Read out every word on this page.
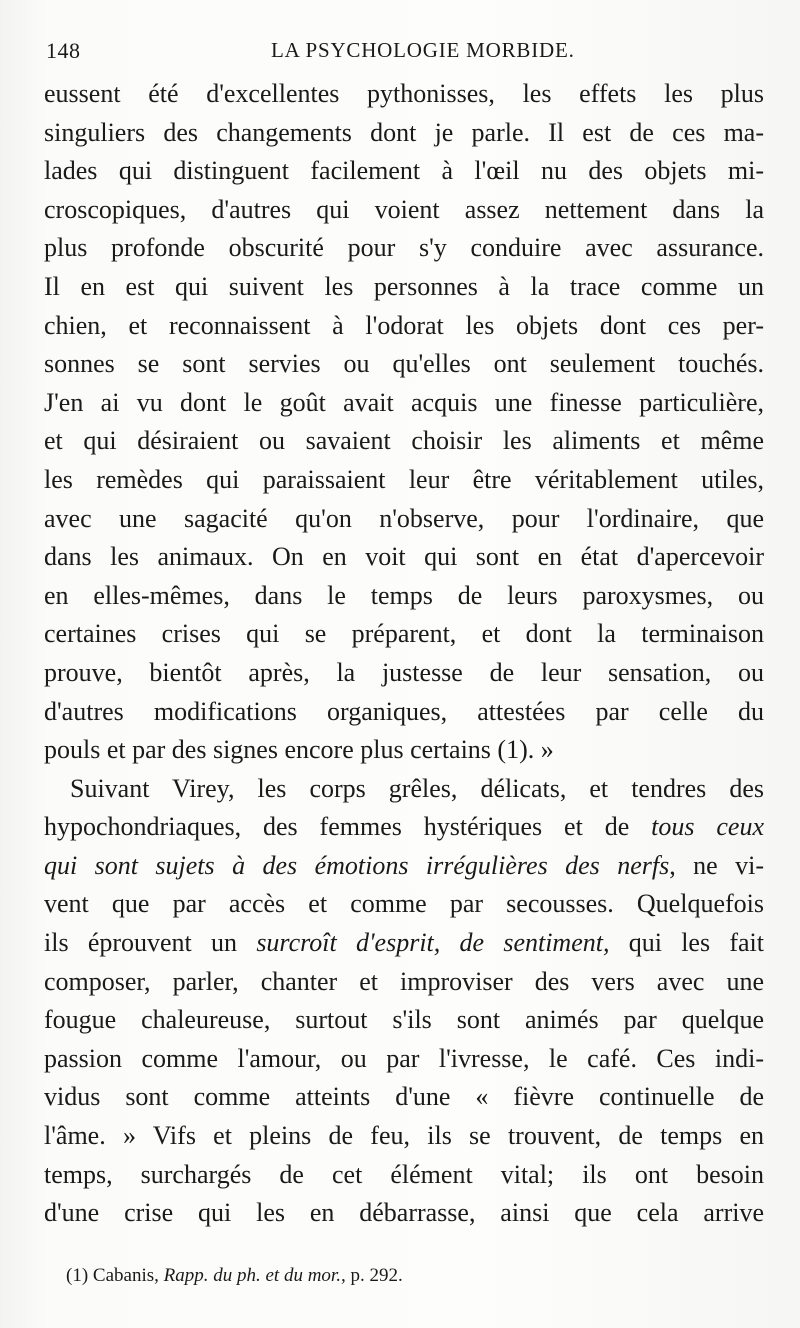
148	LA PSYCHOLOGIE MORBIDE.
eussent été d'excellentes pythonisses, les effets les plus
singuliers des changements dont je parle. Il est de ces ma-
lades qui distinguent facilement à l'œil nu des objets mi-
croscopiques, d'autres qui voient assez nettement dans la
plus profonde obscurité pour s'y conduire avec assurance.
Il en est qui suivent les personnes à la trace comme un
chien, et reconnaissent à l'odorat les objets dont ces per-
sonnes se sont servies ou qu'elles ont seulement touchés.
J'en ai vu dont le goût avait acquis une finesse particulière,
et qui désiraient ou savaient choisir les aliments et même
les remèdes qui paraissaient leur être véritablement utiles,
avec une sagacité qu'on n'observe, pour l'ordinaire, que
dans les animaux. On en voit qui sont en état d'apercevoir
en elles-mêmes, dans le temps de leurs paroxysmes, ou
certaines crises qui se préparent, et dont la terminaison
prouve, bientôt après, la justesse de leur sensation, ou
d'autres modifications organiques, attestées par celle du
pouls et par des signes encore plus certains (1). »
Suivant Virey, les corps grêles, délicats, et tendres des
hypochondriaques, des femmes hystériques et de tous ceux
qui sont sujets à des émotions irrégulières des nerfs, ne vi-
vent que par accès et comme par secousses. Quelquefois
ils éprouvent un surcroît d'esprit, de sentiment, qui les fait
composer, parler, chanter et improviser des vers avec une
fougue chaleureuse, surtout s'ils sont animés par quelque
passion comme l'amour, ou par l'ivresse, le café. Ces indi-
vidus sont comme atteints d'une « fièvre continuelle de
l'âme. » Vifs et pleins de feu, ils se trouvent, de temps en
temps, surchargés de cet élément vital; ils ont besoin
d'une crise qui les en débarrasse, ainsi que cela arrive
(1) Cabanis, Rapp. du ph. et du mor., p. 292.
